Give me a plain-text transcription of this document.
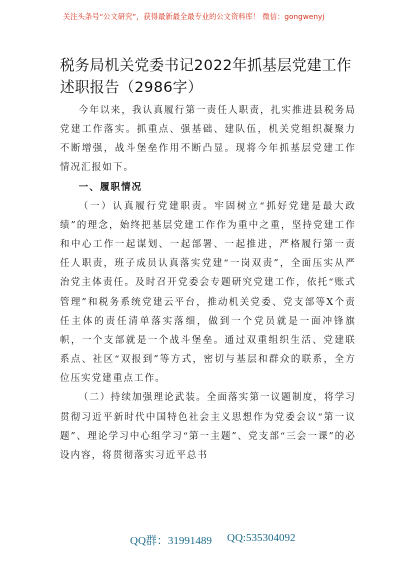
关注头条号“公文研究”，获得最新最全最专业的公文资料库！ 微信：gongwenyj
税务局机关党委书记2022年抓基层党建工作述职报告（2986字）

今年以来，我认真履行第一责任人职责，扎实推进县税务局党建工作落实。抓重点、强基础、建队伍，机关党组织凝聚力不断增强，战斗堡垒作用不断凸显。现将今年抓基层党建工作情况汇报如下。

一、履职情况

（一）认真履行党建职责。牢固树立“抓好党建是最大政绩”的理念，始终把基层党建工作作为重中之重，坚持党建工作和中心工作一起谋划、一起部署、一起推进，严格履行第一责任人职责，班子成员认真落实党建“一岗双责”，全面压实从严治党主体责任。及时召开党委会专题研究党建工作，依托“账式管理”和税务系统党建云平台，推动机关党委、党支部等X个责任主体的责任清单落实落细，做到一个党员就是一面冲锋旗帜，一个支部就是一个战斗堡垒。通过双重组织生活、党建联系点、社区“双报到”等方式，密切与基层和群众的联系，全方位压实党建重点工作。

（二）持续加强理论武装。全面落实第一议题制度，将学习贯彻习近平新时代中国特色社会主义思想作为党委会议“第一议题”、理论学习中心组学习“第一主题”、党支部“三会一课”的必设内容，将贯彻落实习近平总书

QQ群：31991489 QQ:535304092
